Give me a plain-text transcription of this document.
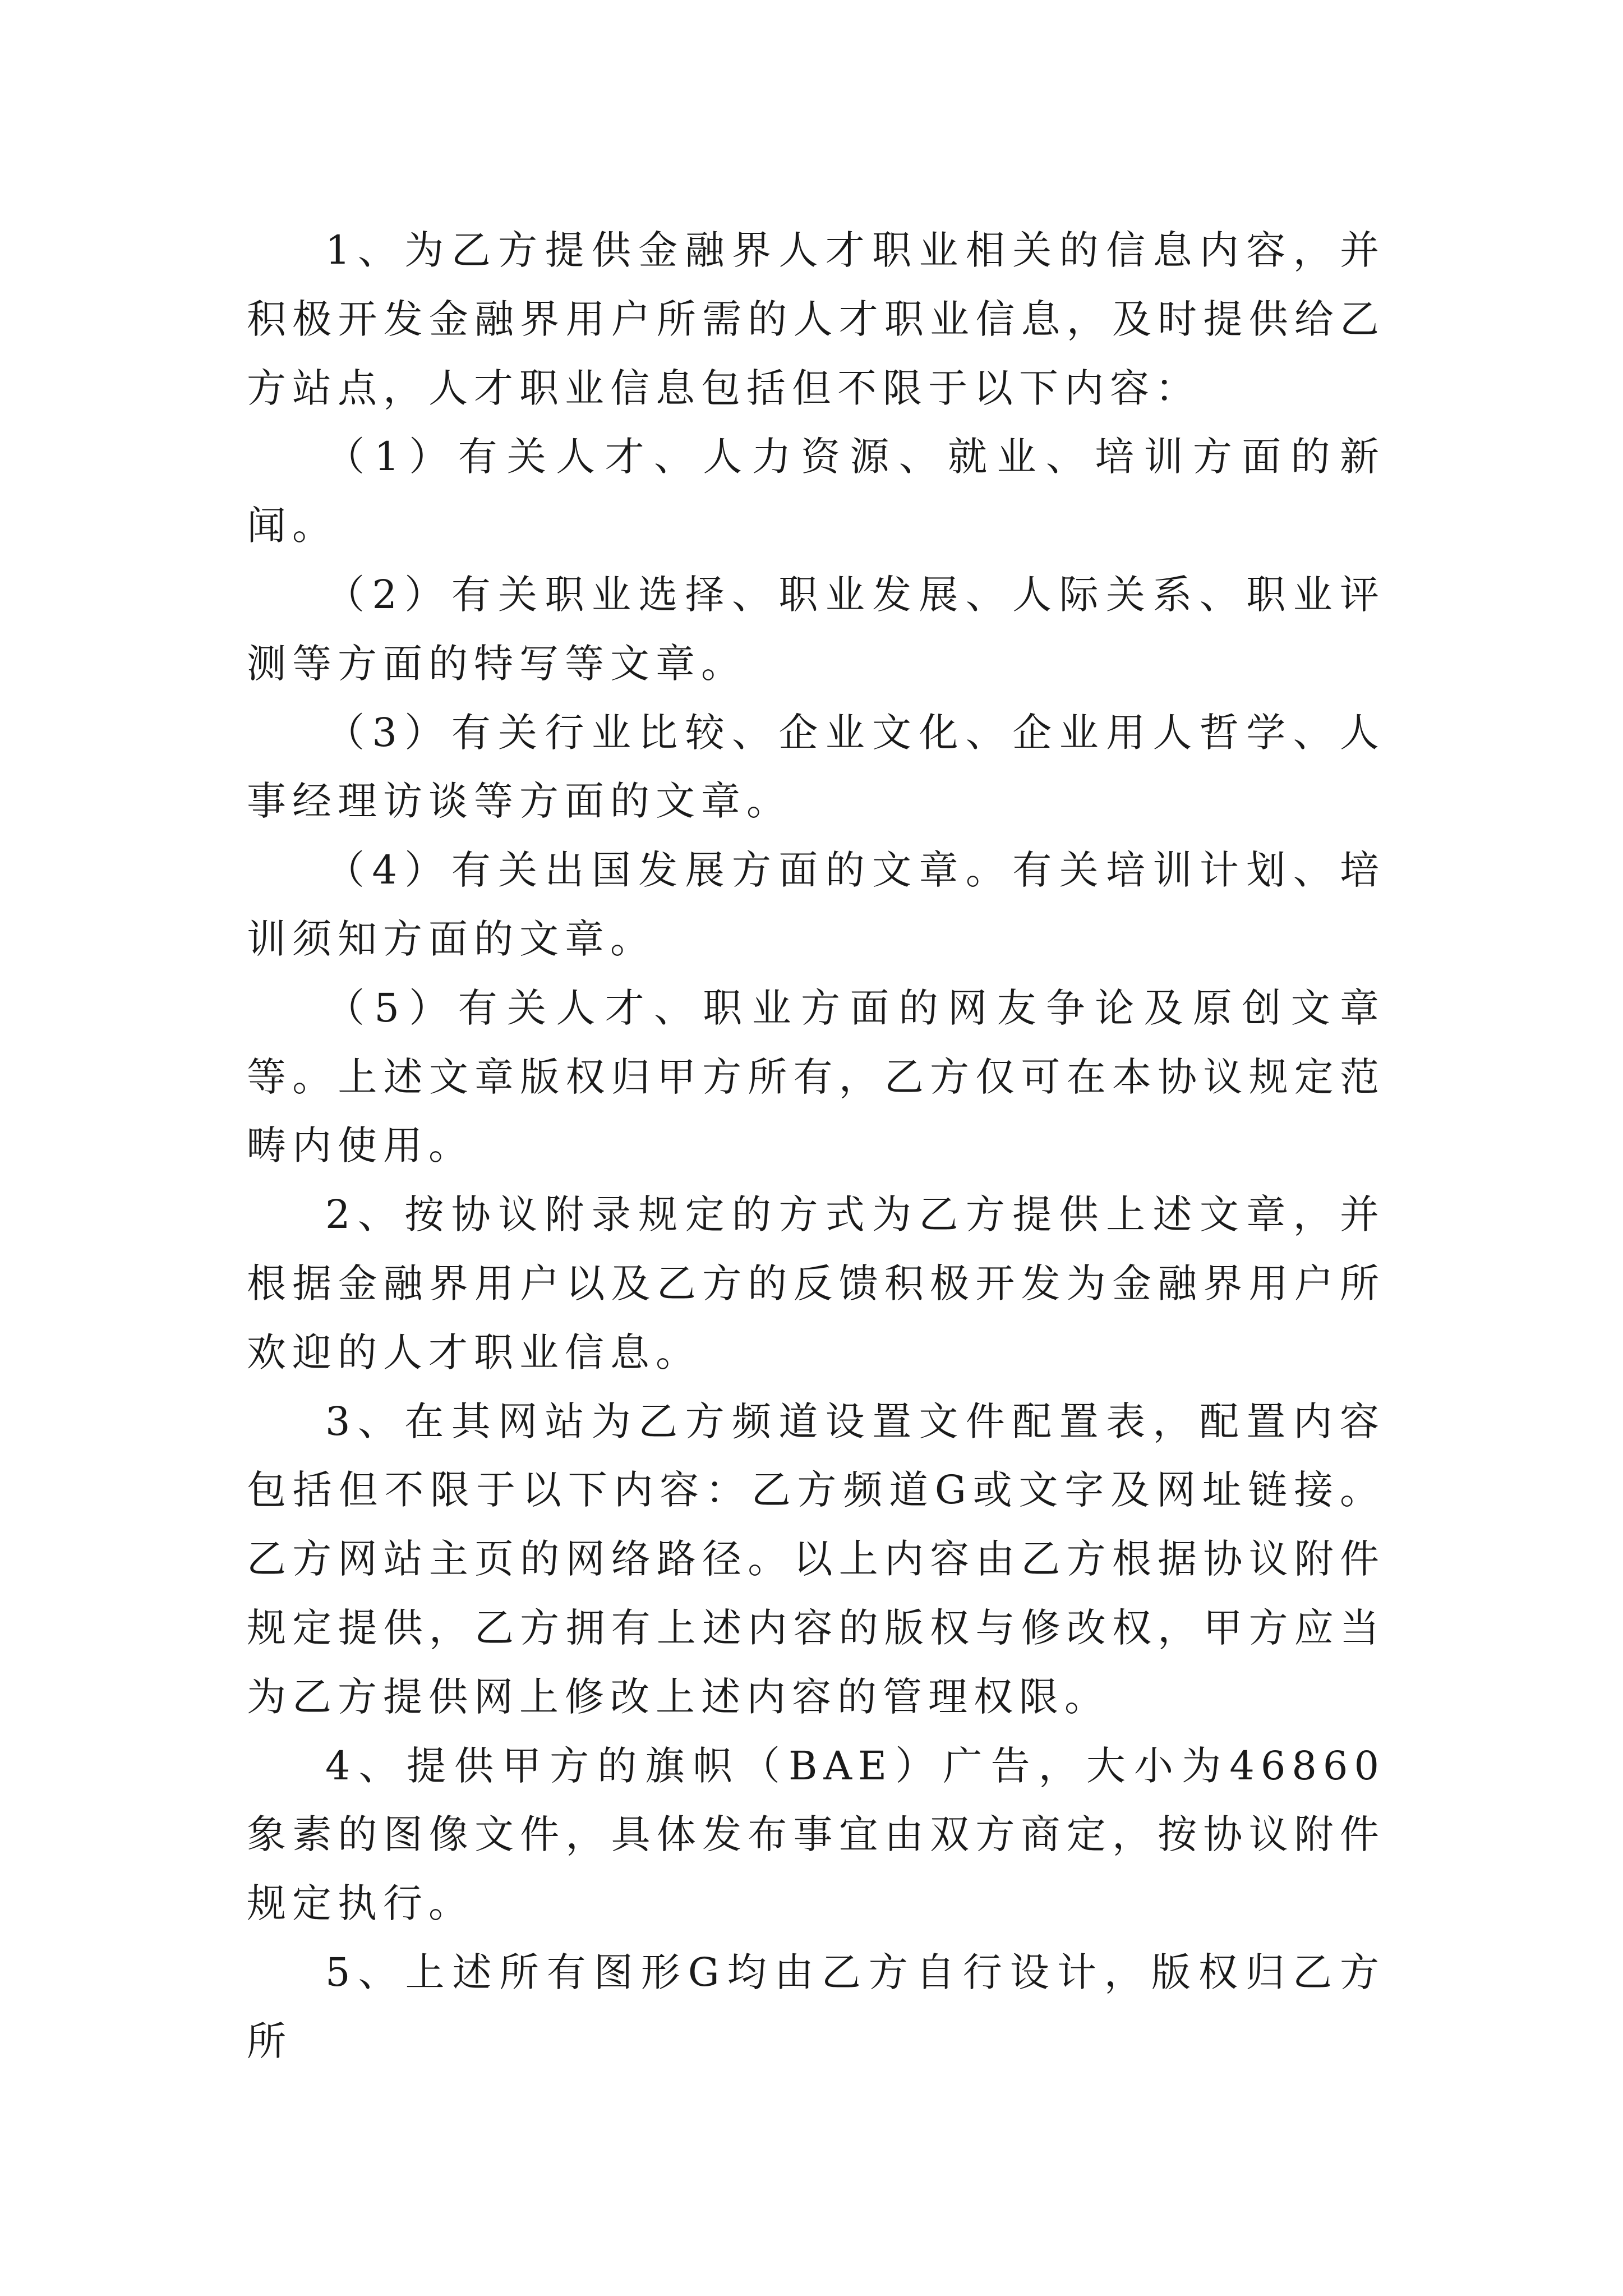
1、为乙方提供金融界人才职业相关的信息内容，并积极开发金融界用户所需的人才职业信息，及时提供给乙方站点，人才职业信息包括但不限于以下内容：

（1）有关人才、人力资源、就业、培训方面的新闻。

（2）有关职业选择、职业发展、人际关系、职业评测等方面的特写等文章。

（3）有关行业比较、企业文化、企业用人哲学、人事经理访谈等方面的文章。

（4）有关出国发展方面的文章。有关培训计划、培训须知方面的文章。

（5）有关人才、职业方面的网友争论及原创文章等。上述文章版权归甲方所有，乙方仅可在本协议规定范畴内使用。

2、按协议附录规定的方式为乙方提供上述文章，并根据金融界用户以及乙方的反馈积极开发为金融界用户所欢迎的人才职业信息。

3、在其网站为乙方频道设置文件配置表，配置内容包括但不限于以下内容：乙方频道G或文字及网址链接。乙方网站主页的网络路径。以上内容由乙方根据协议附件规定提供，乙方拥有上述内容的版权与修改权，甲方应当为乙方提供网上修改上述内容的管理权限。

4、提供甲方的旗帜（BAE）广告，大小为46860象素的图像文件，具体发布事宜由双方商定，按协议附件规定执行。

5、上述所有图形G均由乙方自行设计，版权归乙方所
